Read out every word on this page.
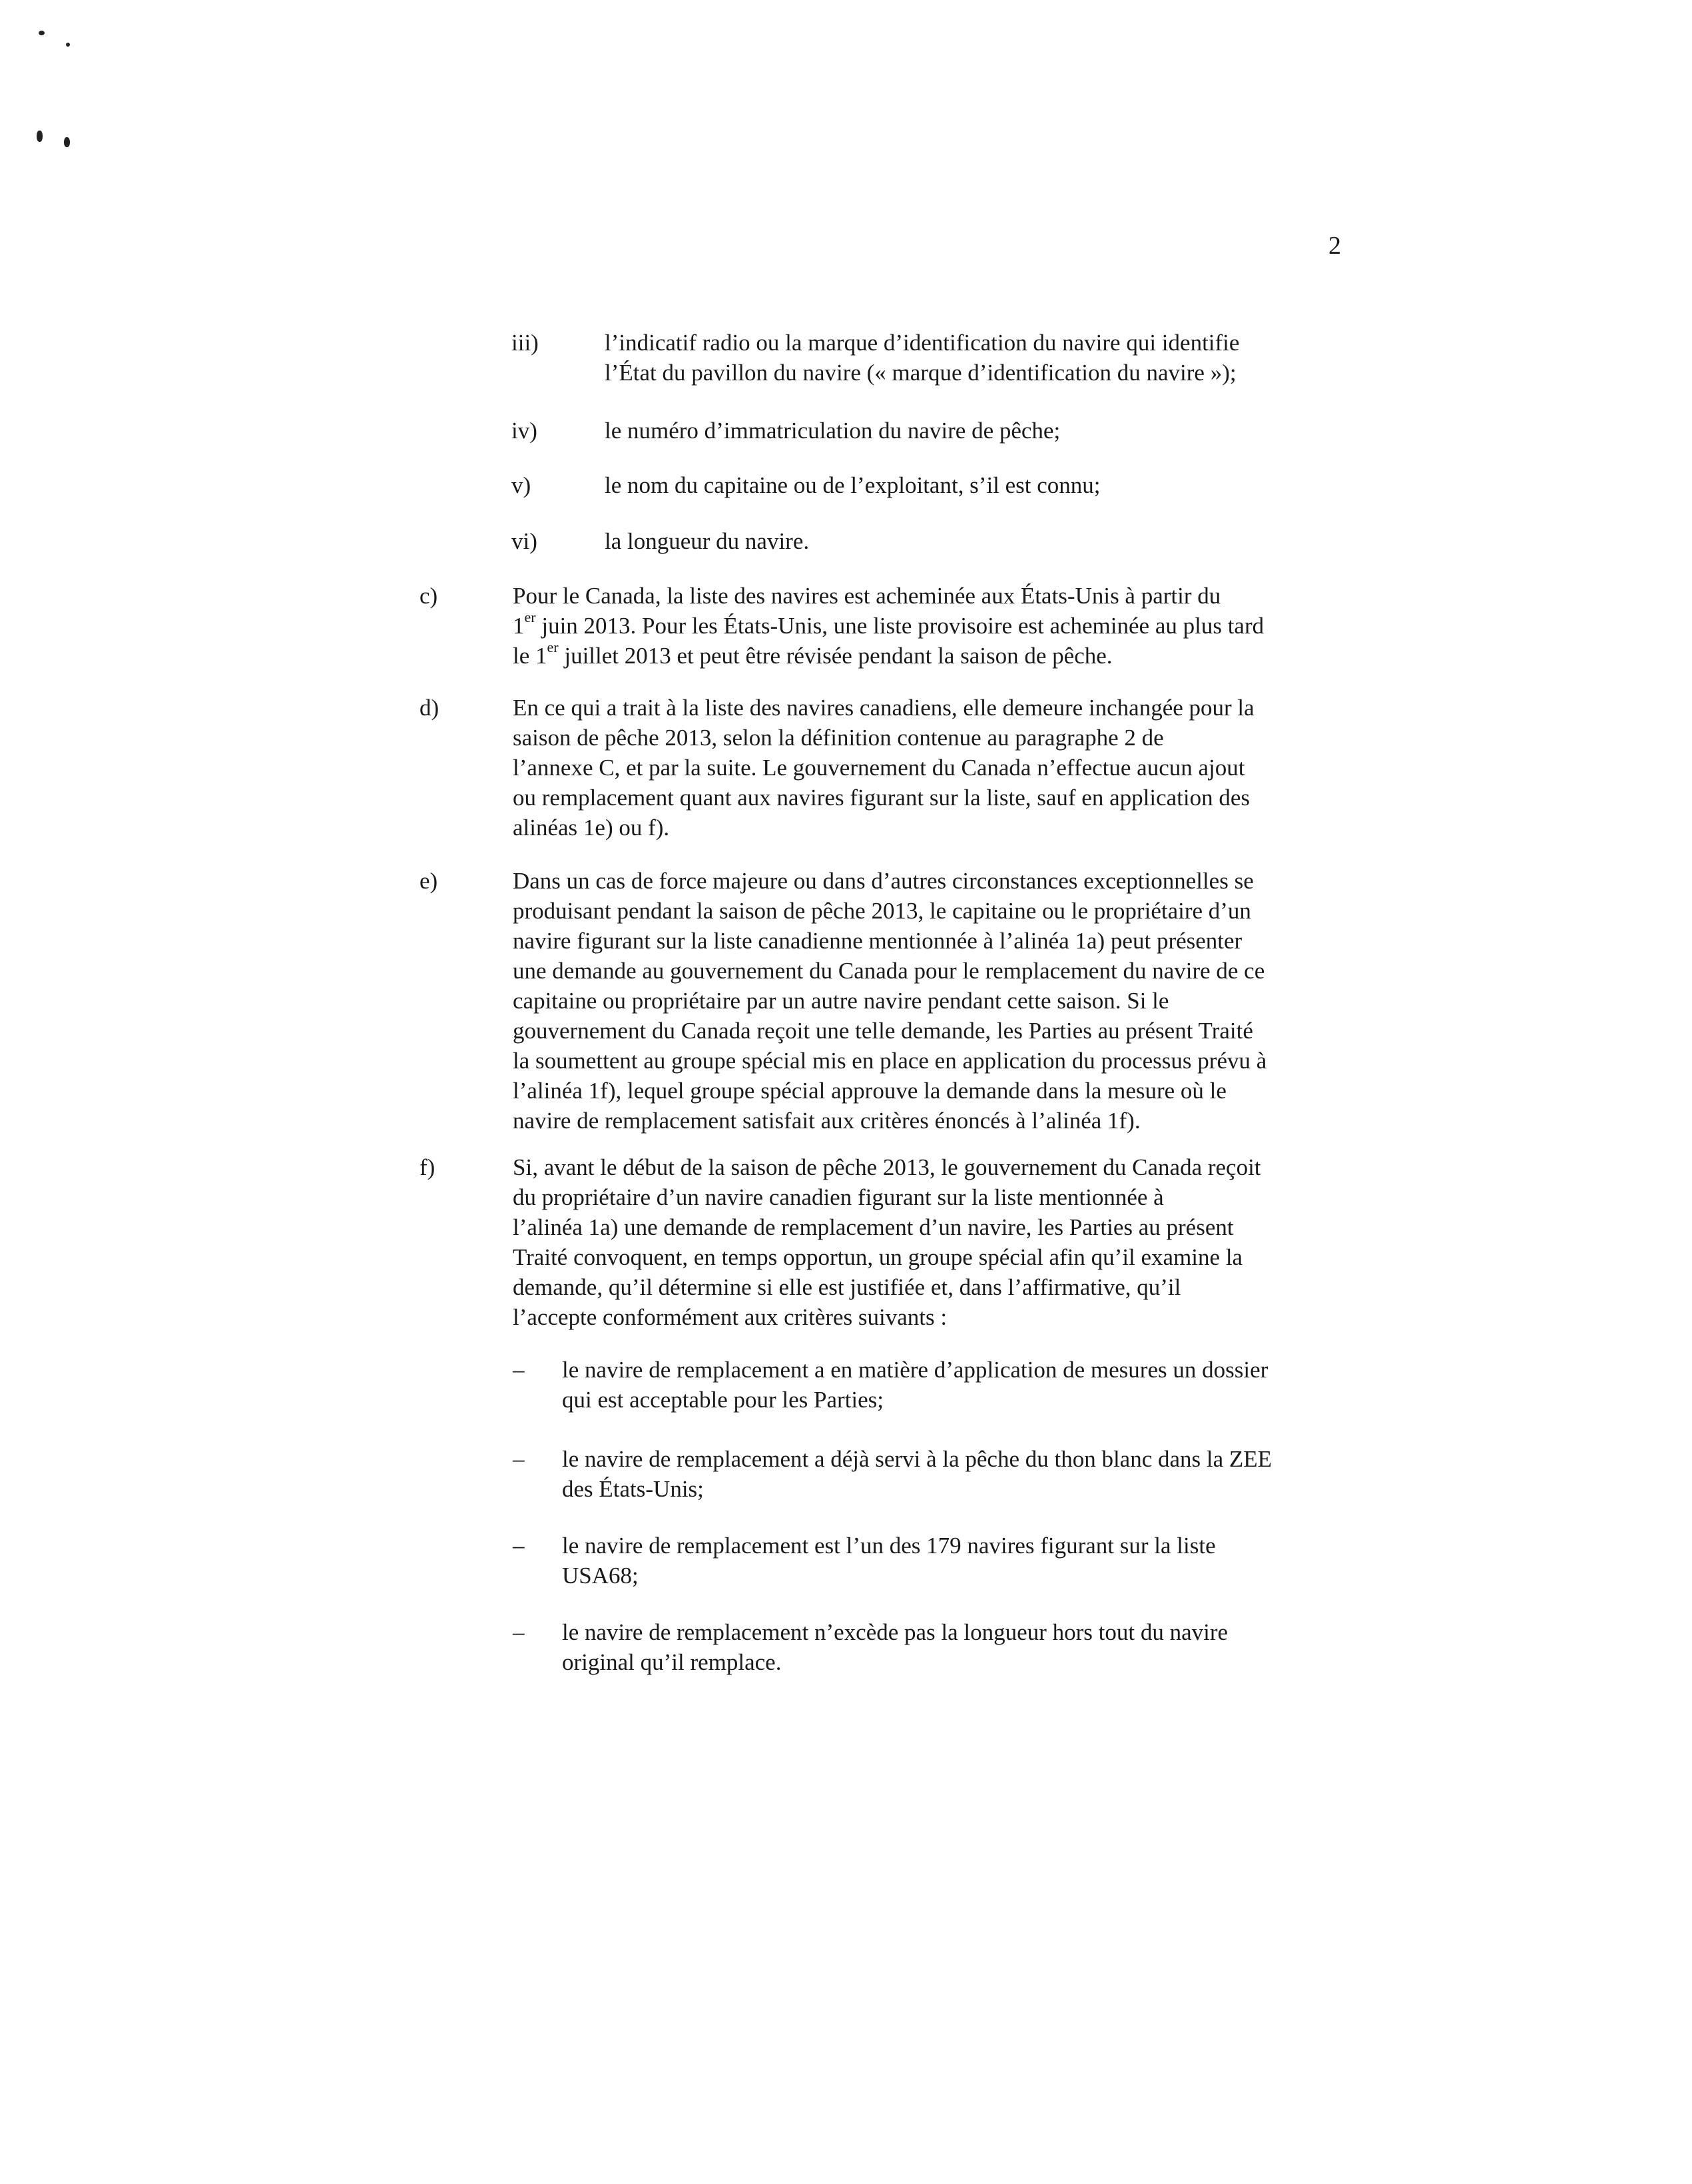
2
iii)	l’indicatif radio ou la marque d’identification du navire qui identifie
l’État du pavillon du navire (« marque d’identification du navire »);
iv)	le numéro d’immatriculation du navire de pêche;
v)	le nom du capitaine ou de l’exploitant, s’il est connu;
vi)	la longueur du navire.
c)	Pour le Canada, la liste des navires est acheminée aux États-Unis à partir du
1er juin 2013. Pour les États-Unis, une liste provisoire est acheminée au plus tard
le 1er juillet 2013 et peut être révisée pendant la saison de pêche.
d)	En ce qui a trait à la liste des navires canadiens, elle demeure inchangée pour la
saison de pêche 2013, selon la définition contenue au paragraphe 2 de
l’annexe C, et par la suite. Le gouvernement du Canada n’effectue aucun ajout
ou remplacement quant aux navires figurant sur la liste, sauf en application des
alinéas 1e) ou f).
e)	Dans un cas de force majeure ou dans d’autres circonstances exceptionnelles se
produisant pendant la saison de pêche 2013, le capitaine ou le propriétaire d’un
navire figurant sur la liste canadienne mentionnée à l’alinéa 1a) peut présenter
une demande au gouvernement du Canada pour le remplacement du navire de ce
capitaine ou propriétaire par un autre navire pendant cette saison. Si le
gouvernement du Canada reçoit une telle demande, les Parties au présent Traité
la soumettent au groupe spécial mis en place en application du processus prévu à
l’alinéa 1f), lequel groupe spécial approuve la demande dans la mesure où le
navire de remplacement satisfait aux critères énoncés à l’alinéa 1f).
f)	Si, avant le début de la saison de pêche 2013, le gouvernement du Canada reçoit
du propriétaire d’un navire canadien figurant sur la liste mentionnée à
l’alinéa 1a) une demande de remplacement d’un navire, les Parties au présent
Traité convoquent, en temps opportun, un groupe spécial afin qu’il examine la
demande, qu’il détermine si elle est justifiée et, dans l’affirmative, qu’il
l’accepte conformément aux critères suivants :
– le navire de remplacement a en matière d’application de mesures un dossier
qui est acceptable pour les Parties;
– le navire de remplacement a déjà servi à la pêche du thon blanc dans la ZEE
des États-Unis;
– le navire de remplacement est l’un des 179 navires figurant sur la liste
USA68;
– le navire de remplacement n’excède pas la longueur hors tout du navire
original qu’il remplace.
